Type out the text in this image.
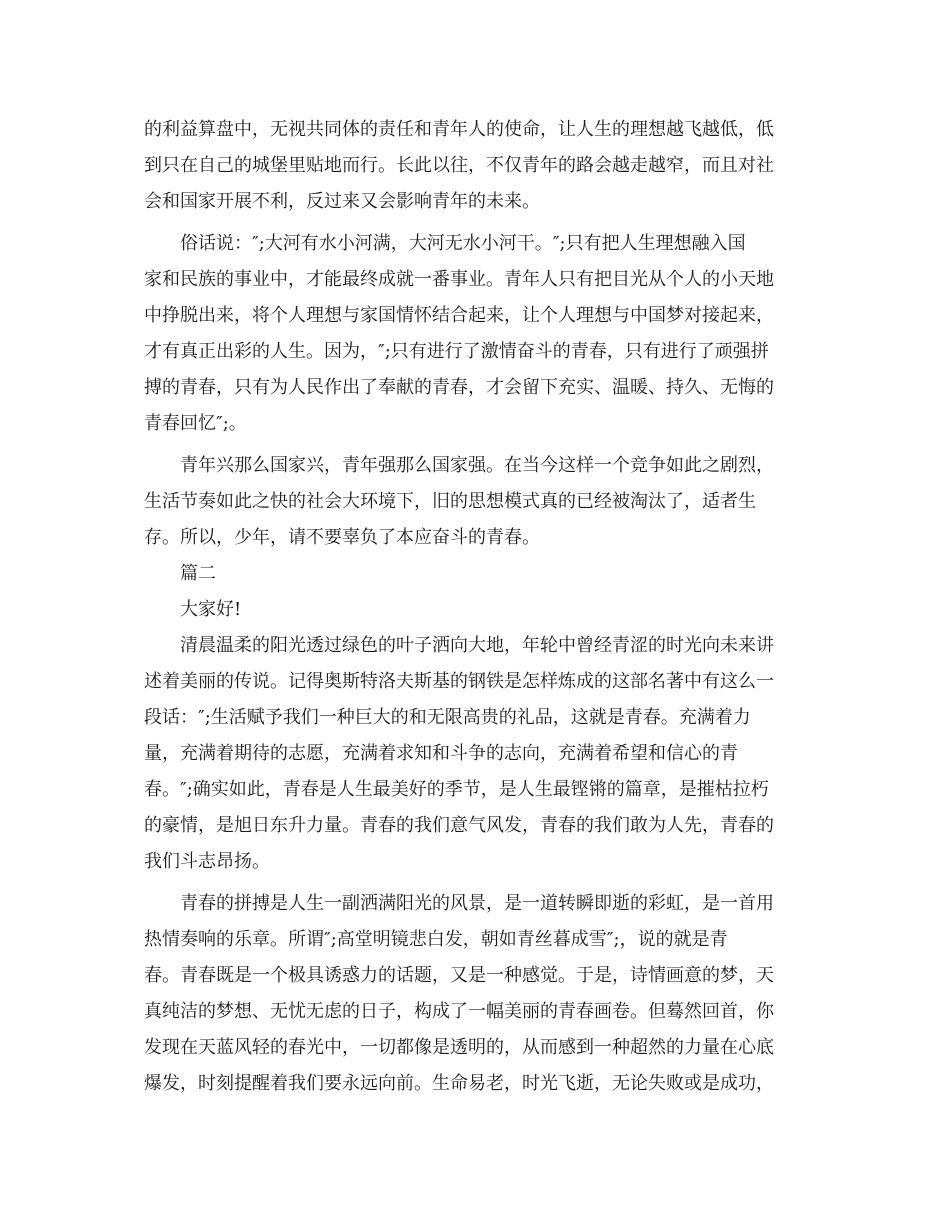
的利益算盘中，无视共同体的责任和青年人的使命，让人生的理想越飞越低，低
到只在自己的城堡里贴地而行。长此以往，不仅青年的路会越走越窄，而且对社
会和国家开展不利，反过来又会影响青年的未来。
俗话说：″;大河有水小河满，大河无水小河干。″;只有把人生理想融入国
家和民族的事业中，才能最终成就一番事业。青年人只有把目光从个人的小天地
中挣脱出来，将个人理想与家国情怀结合起来，让个人理想与中国梦对接起来，
才有真正出彩的人生。因为，″;只有进行了激情奋斗的青春，只有进行了顽强拼
搏的青春，只有为人民作出了奉献的青春，才会留下充实、温暖、持久、无悔的
青春回忆″;。
青年兴那么国家兴，青年强那么国家强。在当今这样一个竞争如此之剧烈，
生活节奏如此之快的社会大环境下，旧的思想模式真的已经被淘汰了，适者生
存。所以，少年，请不要辜负了本应奋斗的青春。
篇二
大家好!
清晨温柔的阳光透过绿色的叶子洒向大地，年轮中曾经青涩的时光向未来讲
述着美丽的传说。记得奥斯特洛夫斯基的钢铁是怎样炼成的这部名著中有这么一
段话：″;生活赋予我们一种巨大的和无限高贵的礼品，这就是青春。充满着力
量，充满着期待的志愿，充满着求知和斗争的志向，充满着希望和信心的青
春。″;确实如此，青春是人生最美好的季节，是人生最铿锵的篇章，是摧枯拉朽
的豪情，是旭日东升力量。青春的我们意气风发，青春的我们敢为人先，青春的
我们斗志昂扬。
青春的拼搏是人生一副洒满阳光的风景，是一道转瞬即逝的彩虹，是一首用
热情奏响的乐章。所谓″;高堂明镜悲白发，朝如青丝暮成雪″;，说的就是青
春。青春既是一个极具诱惑力的话题，又是一种感觉。于是，诗情画意的梦，天
真纯洁的梦想、无忧无虑的日子，构成了一幅美丽的青春画卷。但蓦然回首，你
发现在天蓝风轻的春光中，一切都像是透明的，从而感到一种超然的力量在心底
爆发，时刻提醒着我们要永远向前。生命易老，时光飞逝，无论失败或是成功，
